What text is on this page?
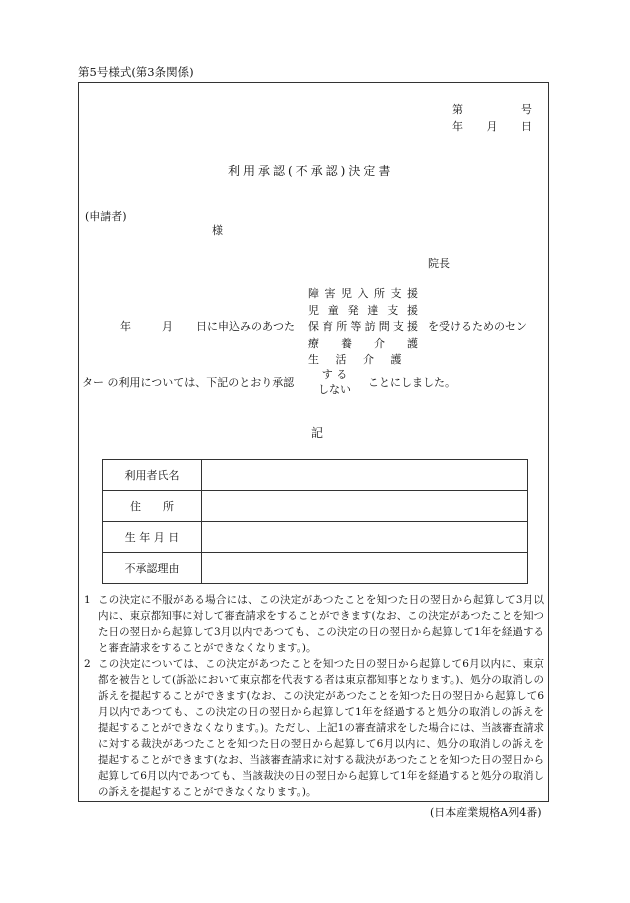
第5号様式(第3条関係)
第	号
年 月 日
利用承認(不承認)決定書
(申請者)
様
院長
年	月 日に申込みのあつた
障 害 児 入 所 支 援
児 童 発 達 支 援
保 育 所 等 訪 問 支 援
療 養 介 護
生 活 介 護
を受けるためのセン
ター の利用については、下記のとおり承認
す る
しない
ことにしました。
記
利用者氏名	
住　　所	
生 年 月 日	
不承認理由	
1 この決定に不服がある場合には、この決定があつたことを知つた日の翌日から起算して3月以内に、東京都知事に対して審査請求をすることができます(なお、この決定があつたことを知つた日の翌日から起算して3月以内であつても、この決定の日の翌日から起算して1年を経過すると審査請求をすることができなくなります。)。
2 この決定については、この決定があつたことを知つた日の翌日から起算して6月以内に、東京都を被告として(訴訟において東京都を代表する者は東京都知事となります。)、処分の取消しの訴えを提起することができます(なお、この決定があつたことを知つた日の翌日から起算して6月以内であつても、この決定の日の翌日から起算して1年を経過すると処分の取消しの訴えを提起することができなくなります。)。ただし、上記1の審査請求をした場合には、当該審査請求に対する裁決があつたことを知つた日の翌日から起算して6月以内に、処分の取消しの訴えを提起することができます(なお、当該審査請求に対する裁決があつたことを知つた日の翌日から起算して6月以内であつても、当該裁決の日の翌日から起算して1年を経過すると処分の取消しの訴えを提起することができなくなります。)。
(日本産業規格A列4番)
